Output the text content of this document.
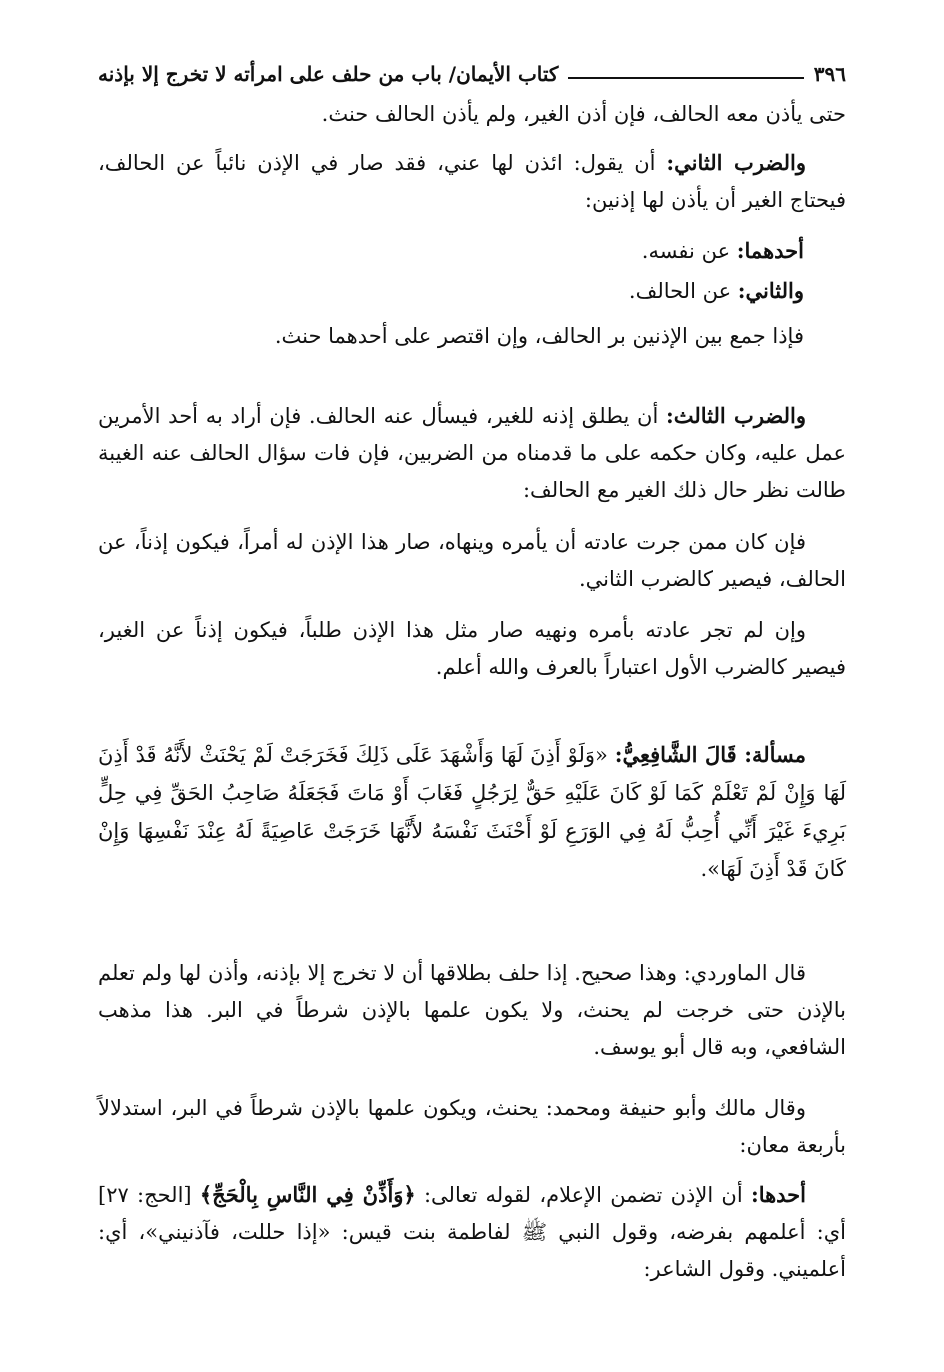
٣٩٦
كتاب الأيمان/ باب من حلف على امرأته لا تخرج إلا بإذنه

حتى يأذن معه الحالف، فإن أذن الغير، ولم يأذن الحالف حنث.

والضرب الثاني: أن يقول: ائذن لها عني، فقد صار في الإذن نائباً عن الحالف، فيحتاج الغير أن يأذن لها إذنين:

أحدهما: عن نفسه.

والثاني: عن الحالف.

فإذا جمع بين الإذنين بر الحالف، وإن اقتصر على أحدهما حنث.

والضرب الثالث: أن يطلق إذنه للغير، فيسأل عنه الحالف. فإن أراد به أحد الأمرين عمل عليه، وكان حكمه على ما قدمناه من الضربين، فإن فات سؤال الحالف عنه الغيبة طالت نظر حال ذلك الغير مع الحالف:

فإن كان ممن جرت عادته أن يأمره وينهاه، صار هذا الإذن له أمراً، فيكون إذناً، عن الحالف، فيصير كالضرب الثاني.

وإن لم تجر عادته بأمره ونهيه صار مثل هذا الإذن طلباً، فيكون إذناً عن الغير، فيصير كالضرب الأول اعتباراً بالعرف والله أعلم.

مسألة: قَالَ الشَّافِعِيُّ: «وَلَوْ أَذِنَ لَهَا وَأَشْهَدَ عَلَى ذَلِكَ فَخَرَجَتْ لَمْ يَحْنَثْ لأَنَّهُ قَدْ أَذِنَ لَهَا وَإِنْ لَمْ تَعْلَمْ كَمَا لَوْ كَانَ عَلَيْهِ حَقٌّ لِرَجُلٍ فَغَابَ أَوْ مَاتَ فَجَعَلَهُ صَاحِبُ الحَقِّ فِي حِلٍّ بَرِيءَ غَيْرَ أَنِّي أُحِبُّ لَهُ فِي الوَرَعِ لَوْ أَحْنَثَ نَفْسَهُ لأَنَّهَا خَرَجَتْ عَاصِيَةً لَهُ عِنْدَ نَفْسِهَا وَإِنْ كَانَ قَدْ أَذِنَ لَهَا».

قال الماوردي: وهذا صحيح. إذا حلف بطلاقها أن لا تخرج إلا بإذنه، وأذن لها ولم تعلم بالإذن حتى خرجت لم يحنث، ولا يكون علمها بالإذن شرطاً في البر. هذا مذهب الشافعي، وبه قال أبو يوسف.

وقال مالك وأبو حنيفة ومحمد: يحنث، ويكون علمها بالإذن شرطاً في البر، استدلالاً بأربعة معان:

أحدها: أن الإذن تضمن الإعلام، لقوله تعالى: ﴿وَأَذِّنْ فِي النَّاسِ بِالْحَجِّ﴾ [الحج: ٢٧] أي: أعلمهم بفرضه، وقول النبي ﷺ لفاطمة بنت قيس: «إذا حللت، فآذنيني»، أي: أعلميني. وقول الشاعر:
